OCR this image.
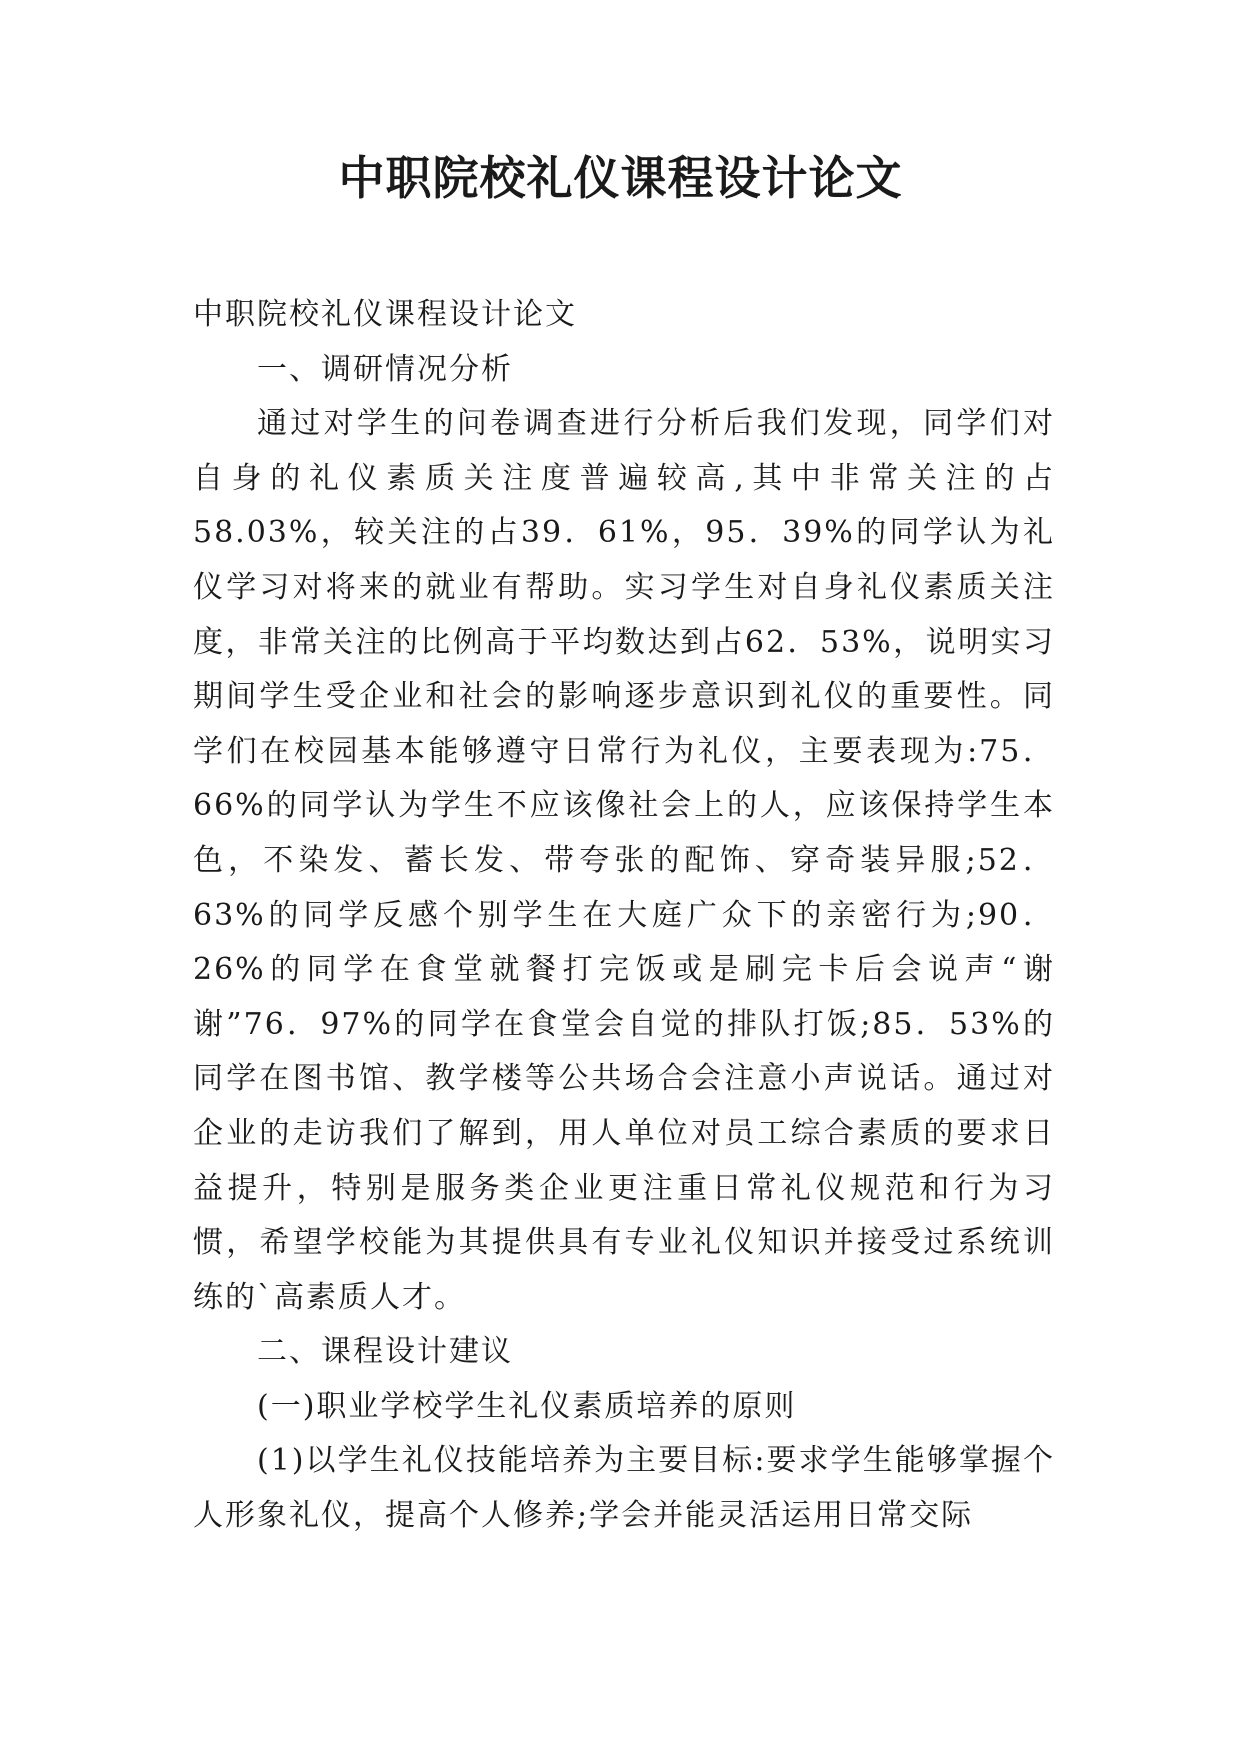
中职院校礼仪课程设计论文

中职院校礼仪课程设计论文

一、调研情况分析

通过对学生的问卷调查进行分析后我们发现，同学们对自身的礼仪素质关注度普遍较高,其中非常关注的占58.03%，较关注的占39．61%，95．39%的同学认为礼仪学习对将来的就业有帮助。实习学生对自身礼仪素质关注度，非常关注的比例高于平均数达到占62．53%，说明实习期间学生受企业和社会的影响逐步意识到礼仪的重要性。同学们在校园基本能够遵守日常行为礼仪，主要表现为:75．66%的同学认为学生不应该像社会上的人，应该保持学生本色，不染发、蓄长发、带夸张的配饰、穿奇装异服;52．63%的同学反感个别学生在大庭广众下的亲密行为;90．26%的同学在食堂就餐打完饭或是刷完卡后会说声“谢谢”76．97%的同学在食堂会自觉的排队打饭;85．53%的同学在图书馆、教学楼等公共场合会注意小声说话。通过对企业的走访我们了解到，用人单位对员工综合素质的要求日益提升，特别是服务类企业更注重日常礼仪规范和行为习惯，希望学校能为其提供具有专业礼仪知识并接受过系统训练的`高素质人才。

二、课程设计建议

(一)职业学校学生礼仪素质培养的原则

(1)以学生礼仪技能培养为主要目标:要求学生能够掌握个人形象礼仪，提高个人修养;学会并能灵活运用日常交际
